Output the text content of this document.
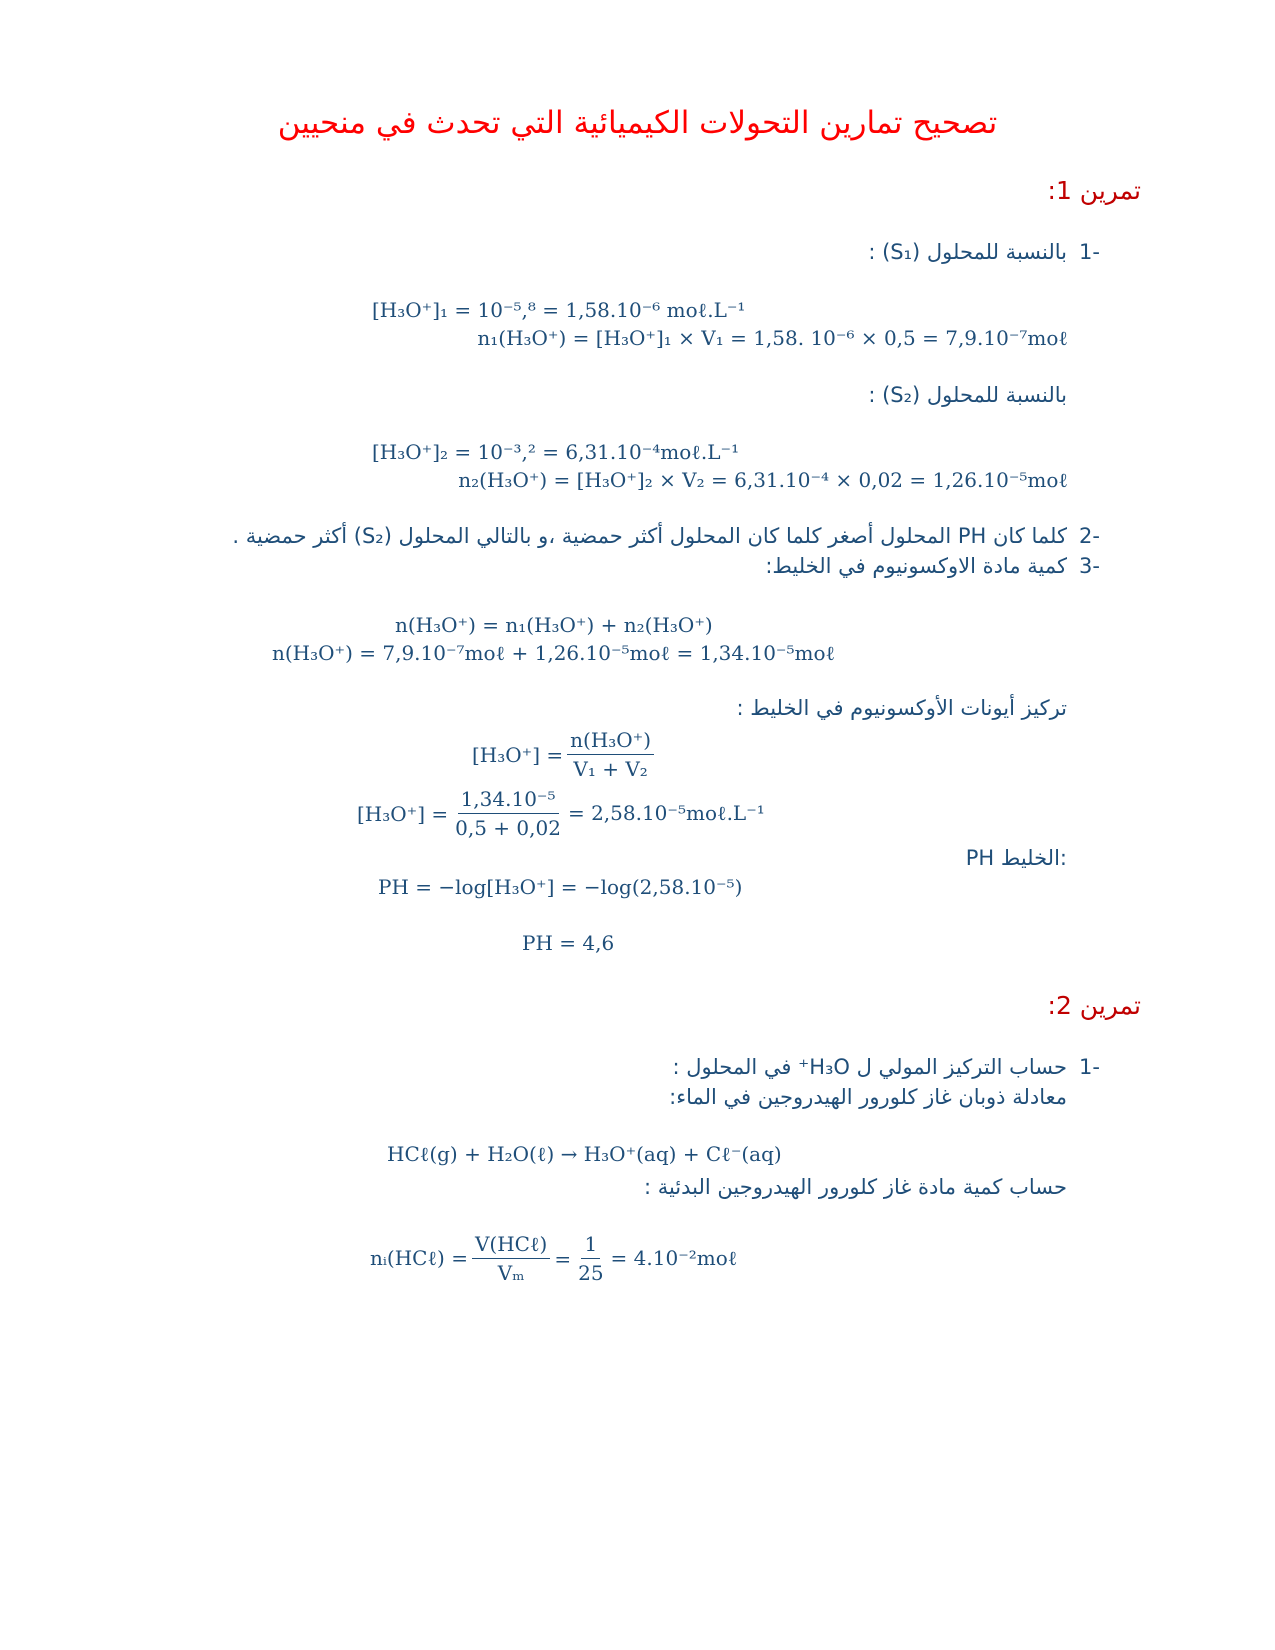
تصحيح تمارين التحولات الكيميائية التي تحدث في منحيين
تمرين 1:
1-
بالنسبة للمحلول (S₁) :
[H₃O⁺]₁ = 10⁻⁵,⁸ = 1,58.10⁻⁶ moℓ.L⁻¹
n₁(H₃O⁺) = [H₃O⁺]₁ × V₁ = 1,58. 10⁻⁶ × 0,5 = 7,9.10⁻⁷moℓ
بالنسبة للمحلول (S₂) :
[H₃O⁺]₂ = 10⁻³,² = 6,31.10⁻⁴moℓ.L⁻¹
n₂(H₃O⁺) = [H₃O⁺]₂ × V₂ = 6,31.10⁻⁴ × 0,02 = 1,26.10⁻⁵moℓ
2-
كلما كان PH المحلول أصغر كلما كان المحلول أكثر حمضية ،و بالتالي المحلول (S₂) أكثر حمضية .
3-
كمية مادة الاوكسونيوم في الخليط:
n(H₃O⁺) = n₁(H₃O⁺) + n₂(H₃O⁺)
n(H₃O⁺) = 7,9.10⁻⁷moℓ + 1,26.10⁻⁵moℓ = 1,34.10⁻⁵moℓ
تركيز أيونات الأوكسونيوم في الخليط :
$[H_3O^+] = \frac{\text{n(H₃O⁺)}}{\text{V₁ + V₂}}$
$[H_3O^+] = \frac{\text{1,34.10⁻⁵}}{0,5 + 0,02}$ = 2,58.10⁻⁵moℓ.L⁻¹
PH الخليط:
PH = −log[H₃O⁺] = −log(2,58.10⁻⁵)
PH = 4,6
تمرين 2:
1-
حساب التركيز المولي ل H₃O⁺ في المحلول :
معادلة ذوبان غاز كلورور الهيدروجين في الماء:
HCℓ(g) + H₂O(ℓ) → H₃O⁺(aq) + Cℓ⁻(aq)
حساب كمية مادة غاز كلورور الهيدروجين البدئية :
nᵢ(HCℓ) = $\frac{\text{V(HCℓ)}}{\text{Vₘ}} = \frac{1}{25}$ = 4.10⁻²moℓ
